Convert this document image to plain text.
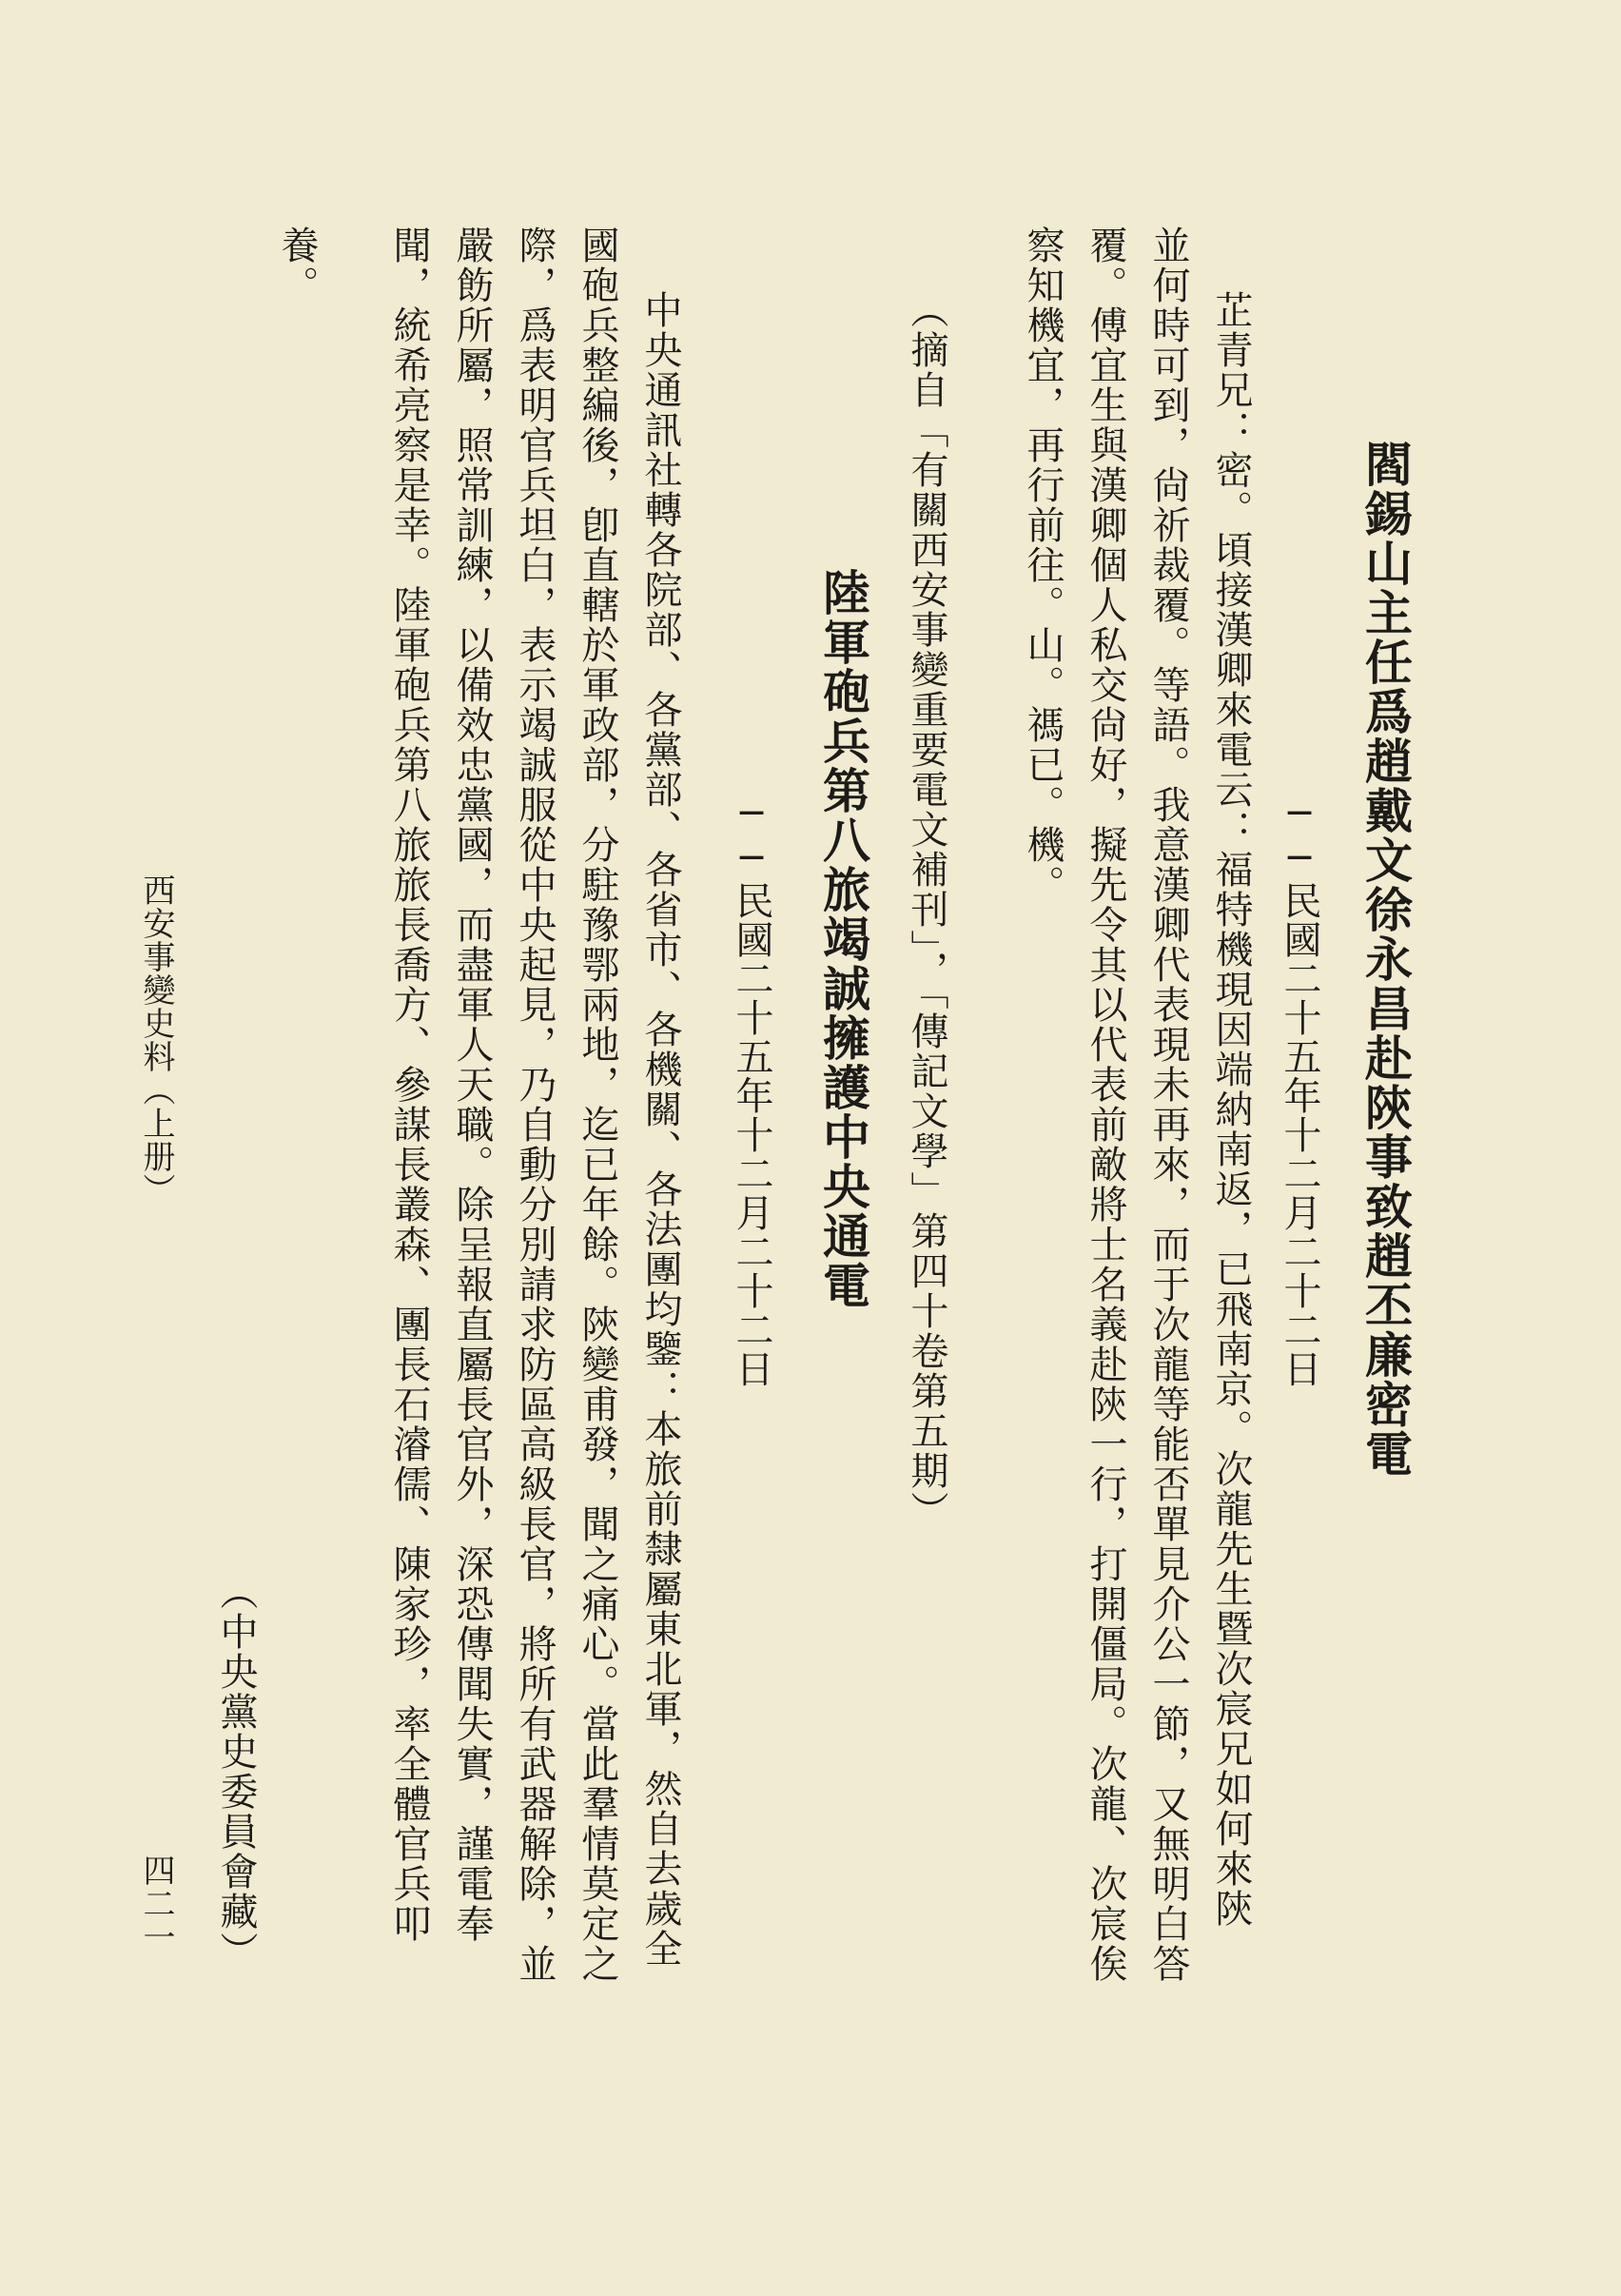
閻錫山主任爲趙戴文徐永昌赴陝事致趙丕廉密電
──民國二十五年十二月二十二日
芷青兄：密。頃接漢卿來電云：福特機現因端納南返，已飛南京。次龍先生暨次宸兄如何來陝
並何時可到，尙祈裁覆。等語。我意漢卿代表現未再來，而于次龍等能否單見介公一節，又無明白答
覆。傅宜生與漢卿個人私交尙好，擬先令其以代表前敵將士名義赴陝一行，打開僵局。次龍、次宸俟
察知機宜，再行前往。山。禡已。機。
（摘自「有關西安事變重要電文補刊」，「傳記文學」第四十卷第五期）
陸軍砲兵第八旅竭誠擁護中央通電
──民國二十五年十二月二十二日
中央通訊社轉各院部、各黨部、各省市、各機關、各法團均鑒：本旅前隸屬東北軍，然自去歲全
國砲兵整編後，卽直轄於軍政部，分駐豫鄂兩地，迄已年餘。陝變甫發，聞之痛心。當此羣情莫定之
際，爲表明官兵坦白，表示竭誠服從中央起見，乃自動分別請求防區高級長官，將所有武器解除，並
嚴飭所屬，照常訓練，以備效忠黨國，而盡軍人天職。除呈報直屬長官外，深恐傳聞失實，謹電奉
聞，統希亮察是幸。陸軍砲兵第八旅旅長喬方、參謀長叢森、團長石濬儒、陳家珍，率全體官兵叩
養。
（中央黨史委員會藏）
西安事變史料（上册）
四二一
